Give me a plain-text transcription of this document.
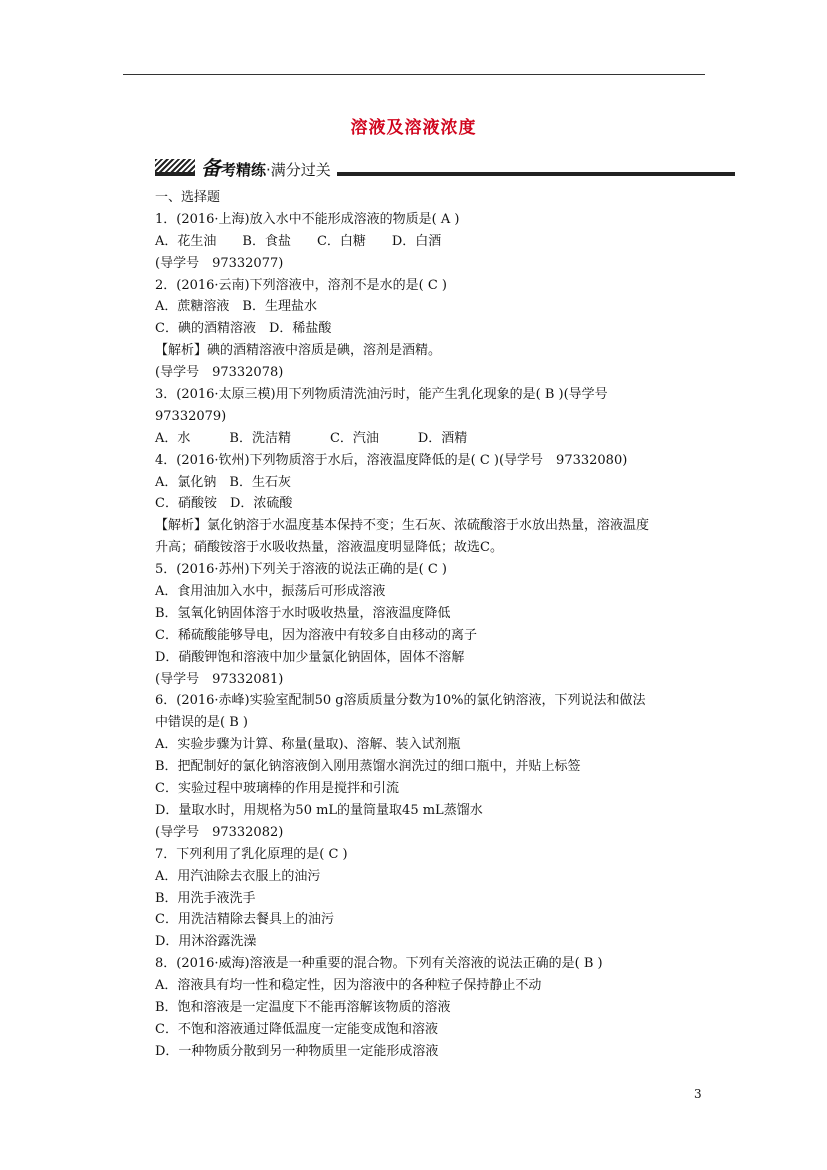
溶液及溶液浓度
备考精练·满分过关
一、选择题
1．(2016·上海)放入水中不能形成溶液的物质是( A )
A．花生油　　B．食盐　　C．白糖　　D．白酒
(导学号　97332077)
2．(2016·云南)下列溶液中，溶剂不是水的是( C )
A．蔗糖溶液　B．生理盐水
C．碘的酒精溶液　D．稀盐酸
【解析】碘的酒精溶液中溶质是碘，溶剂是酒精。
(导学号　97332078)
3．(2016·太原三模)用下列物质清洗油污时，能产生乳化现象的是( B )(导学号
97332079)
A．水　　　B．洗洁精　　　C．汽油　　　D．酒精
4．(2016·钦州)下列物质溶于水后，溶液温度降低的是( C )(导学号　97332080)
A．氯化钠　B．生石灰
C．硝酸铵　D．浓硫酸
【解析】氯化钠溶于水温度基本保持不变；生石灰、浓硫酸溶于水放出热量，溶液温度
升高；硝酸铵溶于水吸收热量，溶液温度明显降低；故选C。
5．(2016·苏州)下列关于溶液的说法正确的是( C )
A．食用油加入水中，振荡后可形成溶液
B．氢氧化钠固体溶于水时吸收热量，溶液温度降低
C．稀硫酸能够导电，因为溶液中有较多自由移动的离子
D．硝酸钾饱和溶液中加少量氯化钠固体，固体不溶解
(导学号　97332081)
6．(2016·赤峰)实验室配制50 g溶质质量分数为10%的氯化钠溶液，下列说法和做法
中错误的是( B )
A．实验步骤为计算、称量(量取)、溶解、装入试剂瓶
B．把配制好的氯化钠溶液倒入刚用蒸馏水润洗过的细口瓶中，并贴上标签
C．实验过程中玻璃棒的作用是搅拌和引流
D．量取水时，用规格为50 mL的量筒量取45 mL蒸馏水
(导学号　97332082)
7．下列利用了乳化原理的是( C )
A．用汽油除去衣服上的油污
B．用洗手液洗手
C．用洗洁精除去餐具上的油污
D．用沐浴露洗澡
8．(2016·威海)溶液是一种重要的混合物。下列有关溶液的说法正确的是( B )
A．溶液具有均一性和稳定性，因为溶液中的各种粒子保持静止不动
B．饱和溶液是一定温度下不能再溶解该物质的溶液
C．不饱和溶液通过降低温度一定能变成饱和溶液
D．一种物质分散到另一种物质里一定能形成溶液
3
